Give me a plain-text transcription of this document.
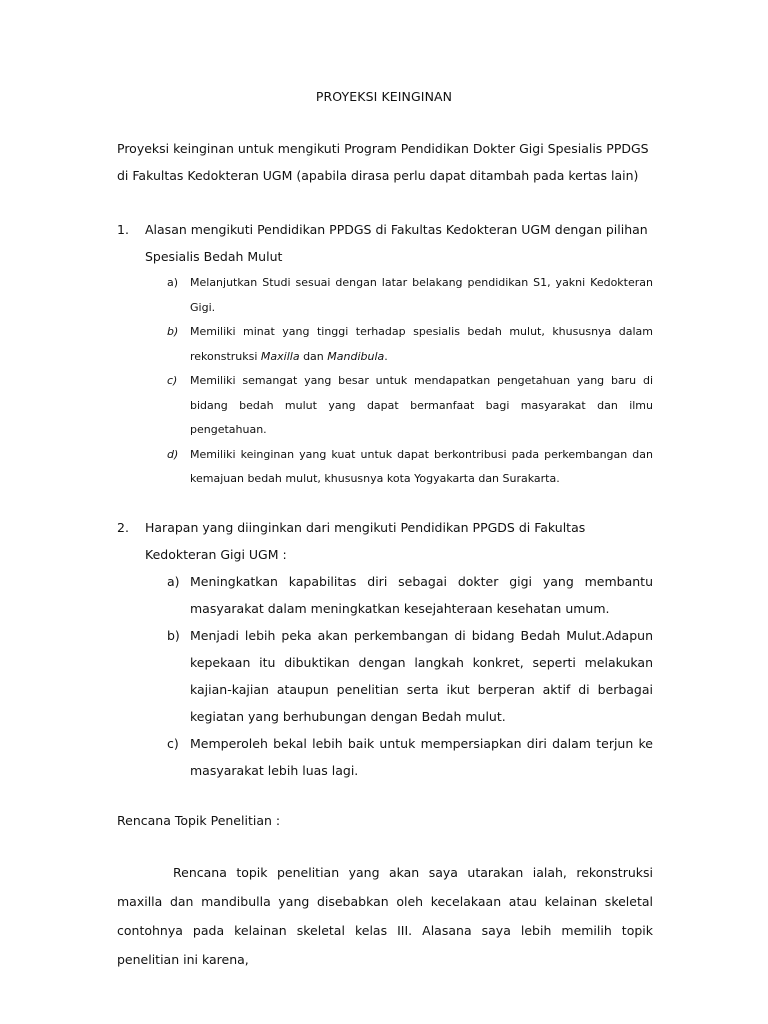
PROYEKSI KEINGINAN

Proyeksi keinginan untuk mengikuti Program Pendidikan Dokter Gigi Spesialis PPDGS di Fakultas Kedokteran UGM (apabila dirasa perlu dapat ditambah pada kertas lain)

1. Alasan mengikuti Pendidikan PPDGS di Fakultas Kedokteran UGM dengan pilihan Spesialis Bedah Mulut
a) Melanjutkan Studi sesuai dengan latar belakang pendidikan S1, yakni Kedokteran Gigi.
b) Memiliki minat yang tinggi terhadap spesialis bedah mulut, khususnya dalam rekonstruksi Maxilla dan Mandibula.
c) Memiliki semangat yang besar untuk mendapatkan pengetahuan yang baru di bidang bedah mulut yang dapat bermanfaat bagi masyarakat dan ilmu pengetahuan.
d) Memiliki keinginan yang kuat untuk dapat berkontribusi pada perkembangan dan kemajuan bedah mulut, khususnya kota Yogyakarta dan Surakarta.
2. Harapan yang diinginkan dari mengikuti Pendidikan PPGDS di Fakultas Kedokteran Gigi UGM :
a) Meningkatkan kapabilitas diri sebagai dokter gigi yang membantu masyarakat dalam meningkatkan kesejahteraan kesehatan umum.
b) Menjadi lebih peka akan perkembangan di bidang Bedah Mulut.Adapun kepekaan itu dibuktikan dengan langkah konkret, seperti melakukan kajian-kajian ataupun penelitian serta ikut berperan aktif di berbagai kegiatan yang berhubungan dengan Bedah mulut.
c) Memperoleh bekal lebih baik untuk mempersiapkan diri dalam terjun ke masyarakat lebih luas lagi.
Rencana Topik Penelitian :

Rencana topik penelitian yang akan saya utarakan ialah, rekonstruksi maxilla dan mandibulla yang disebabkan oleh kecelakaan atau kelainan skeletal contohnya pada kelainan skeletal kelas III. Alasana saya lebih memilih topik penelitian ini karena,
